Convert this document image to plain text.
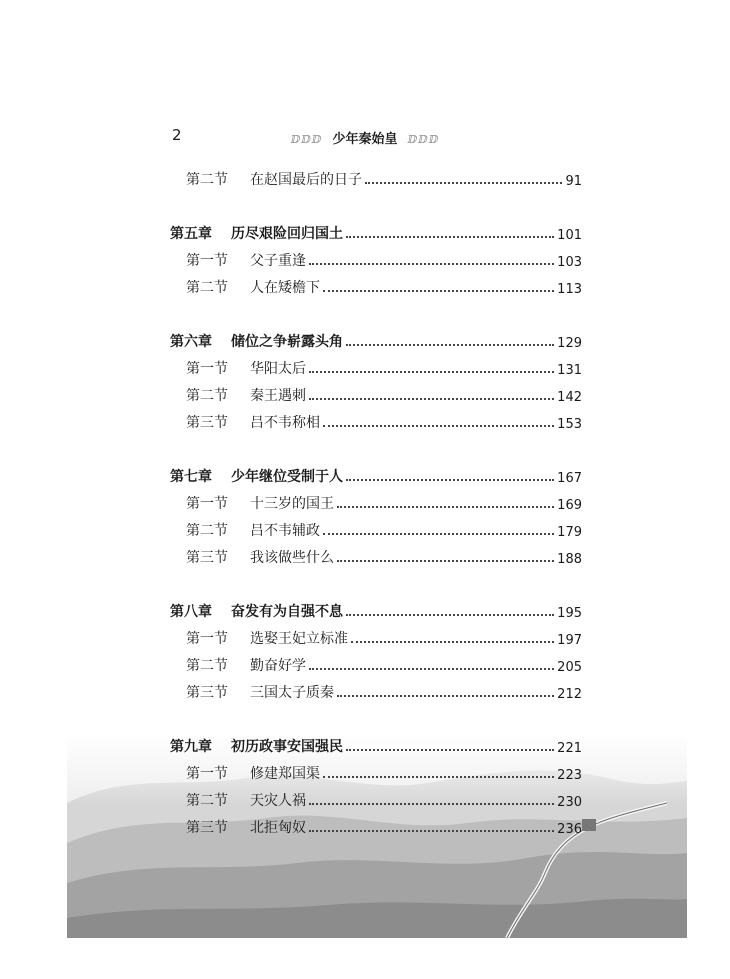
2	ⅅⅅⅅ 少年秦始皇 ⅅⅅⅅ
第二节 在赵国最后的日子	91
第五章 历尽艰险回归国土	101
第一节 父子重逢	103
第二节 人在矮檐下	113
第六章 储位之争崭露头角	129
第一节 华阳太后	131
第二节 秦王遇刺	142
第三节 吕不韦称相	153
第七章 少年继位受制于人	167
第一节 十三岁的国王	169
第二节 吕不韦辅政	179
第三节 我该做些什么	188
第八章 奋发有为自强不息	195
第一节 选娶王妃立标准	197
第二节 勤奋好学	205
第三节 三国太子质秦	212
第九章 初历政事安国强民	221
第一节 修建郑国渠	223
第二节 天灾人祸	230
第三节 北拒匈奴	236
